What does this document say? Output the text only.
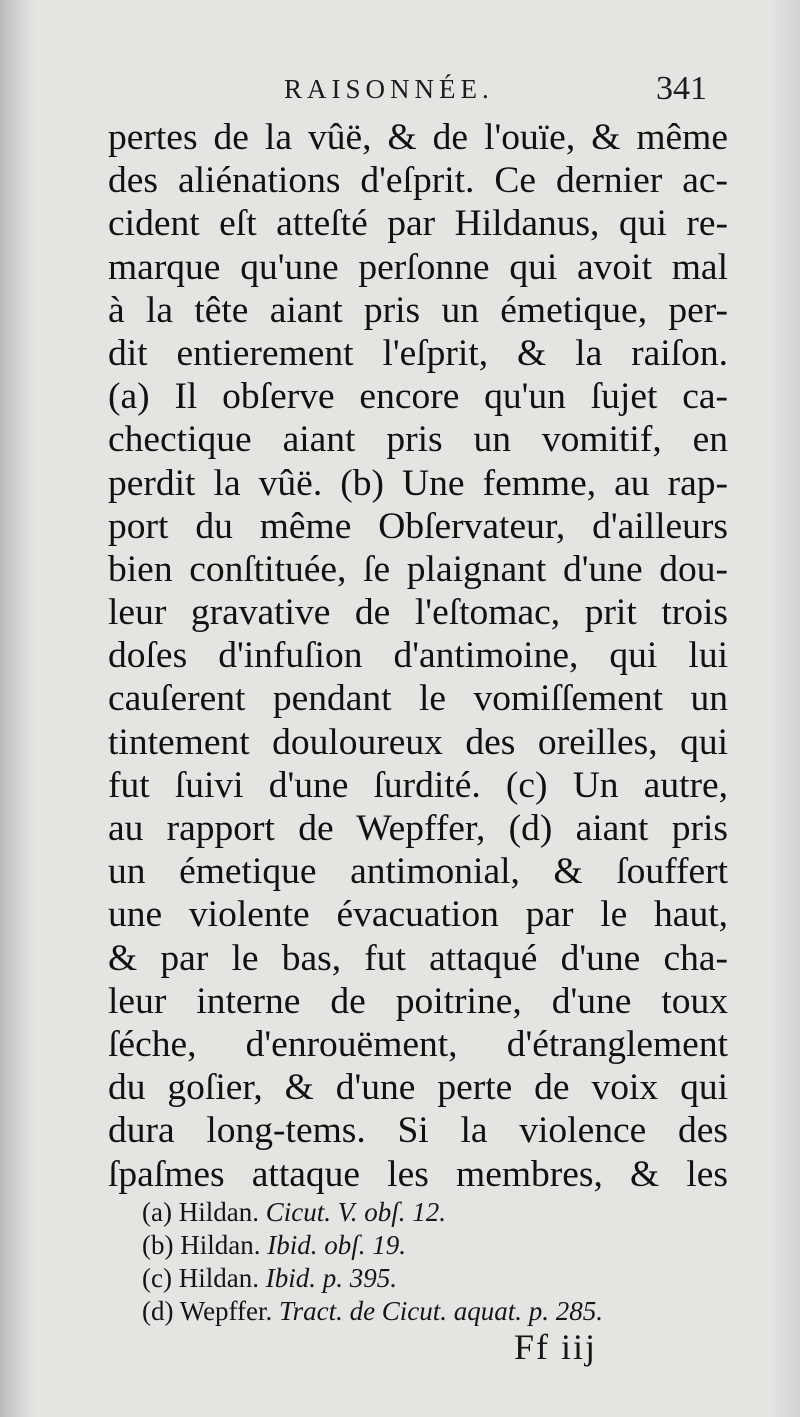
RAISONNÉE.	341
pertes de la vûë, & de l'ouïe, & même
des aliénations d'eſprit. Ce dernier ac-
cident eſt atteſté par Hildanus, qui re-
marque qu'une perſonne qui avoit mal
à la tête aiant pris un émetique, per-
dit entierement l'eſprit, & la raiſon.
(a) Il obſerve encore qu'un ſujet ca-
chectique aiant pris un vomitif, en
perdit la vûë. (b) Une femme, au rap-
port du même Obſervateur, d'ailleurs
bien conſtituée, ſe plaignant d'une dou-
leur gravative de l'eſtomac, prit trois
doſes d'infuſion d'antimoine, qui lui
cauſerent pendant le vomiſſement un
tintement douloureux des oreilles, qui
fut ſuivi d'une ſurdité. (c) Un autre,
au rapport de Wepffer, (d) aiant pris
un émetique antimonial, & ſouffert
une violente évacuation par le haut,
& par le bas, fut attaqué d'une cha-
leur interne de poitrine, d'une toux
ſéche, d'enrouëment, d'étranglement
du goſier, & d'une perte de voix qui
dura long-tems. Si la violence des
ſpaſmes attaque les membres, & les
(a) Hildan. Cicut. V. obſ. 12.
(b) Hildan. Ibid. obſ. 19.
(c) Hildan. Ibid. p. 395.
(d) Wepffer. Tract. de Cicut. aquat. p. 285.
Ff iij
